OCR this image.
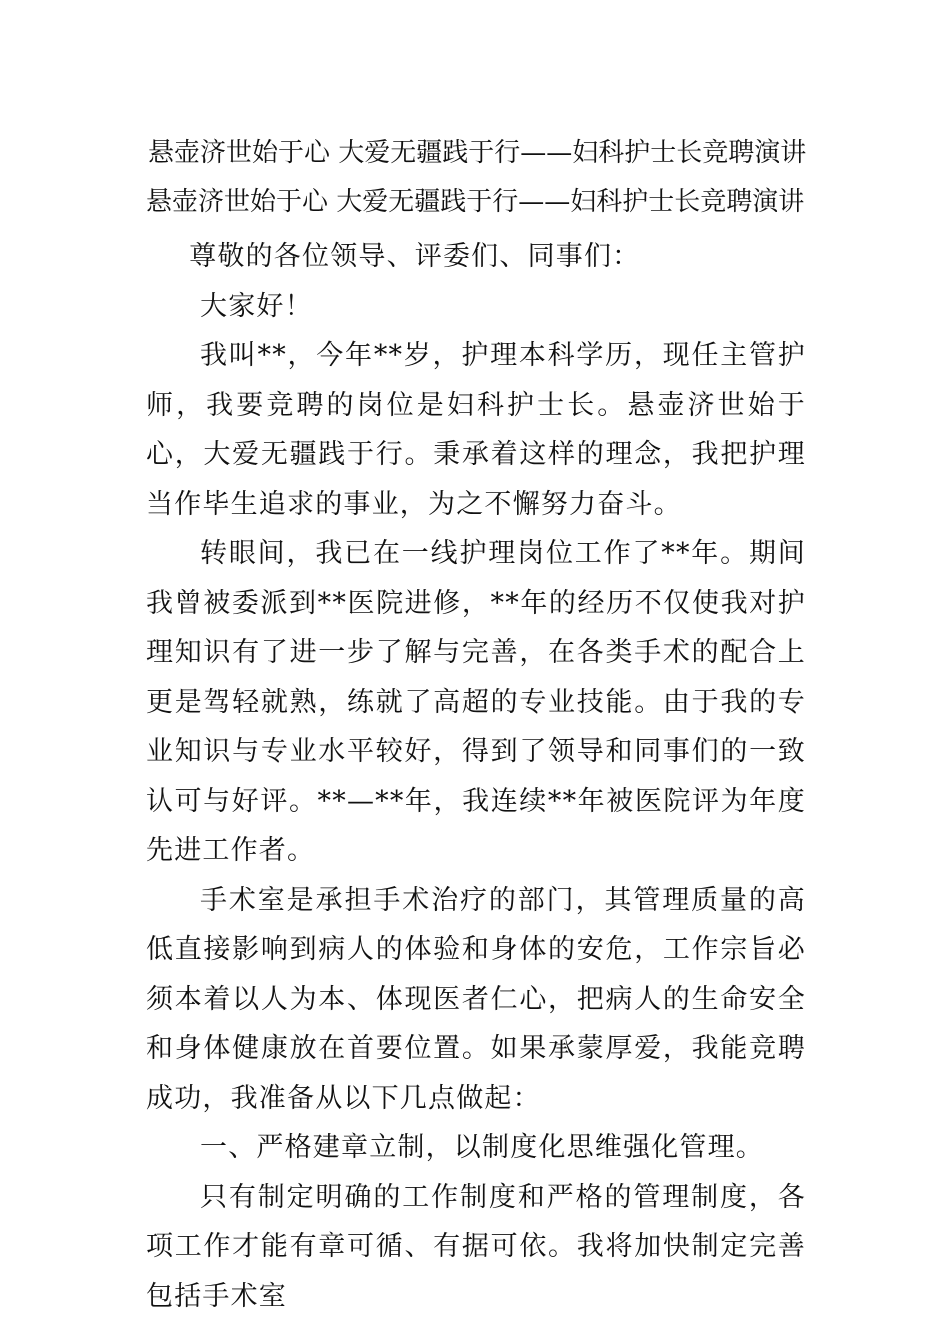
悬壶济世始于心 大爱无疆践于行——妇科护士长竞聘演讲
悬壶济世始于心 大爱无疆践于行——妇科护士长竞聘演讲

尊敬的各位领导、评委们、同事们：

大家好！

我叫**，今年**岁，护理本科学历，现任主管护师，我要竞聘的岗位是妇科护士长。悬壶济世始于心，大爱无疆践于行。秉承着这样的理念，我把护理当作毕生追求的事业，为之不懈努力奋斗。

转眼间，我已在一线护理岗位工作了**年。期间我曾被委派到**医院进修，**年的经历不仅使我对护理知识有了进一步了解与完善，在各类手术的配合上更是驾轻就熟，练就了高超的专业技能。由于我的专业知识与专业水平较好，得到了领导和同事们的一致认可与好评。**—**年，我连续**年被医院评为年度先进工作者。

手术室是承担手术治疗的部门，其管理质量的高低直接影响到病人的体验和身体的安危，工作宗旨必须本着以人为本、体现医者仁心，把病人的生命安全和身体健康放在首要位置。如果承蒙厚爱，我能竞聘成功，我准备从以下几点做起：

一、严格建章立制，以制度化思维强化管理。

只有制定明确的工作制度和严格的管理制度，各项工作才能有章可循、有据可依。我将加快制定完善包括手术室
